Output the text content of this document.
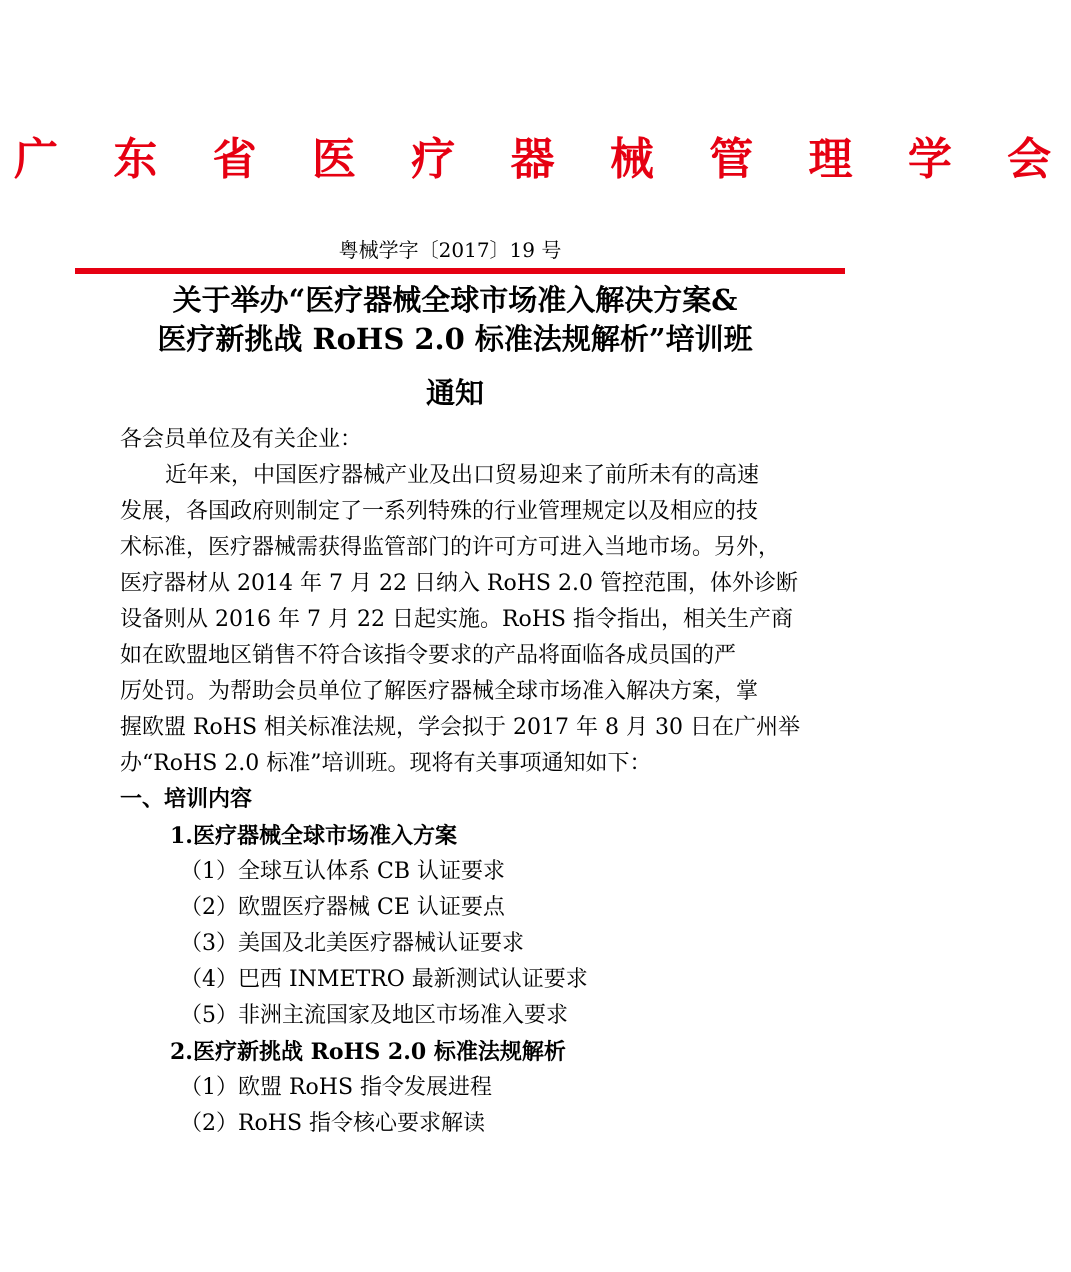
广 东 省 医 疗 器 械 管 理 学 会
粤械学字〔2017〕19 号
关于举办“医疗器械全球市场准入解决方案&
医疗新挑战 RoHS 2.0 标准法规解析”培训班
通知
各会员单位及有关企业：
近年来，中国医疗器械产业及出口贸易迎来了前所未有的高速
发展，各国政府则制定了一系列特殊的行业管理规定以及相应的技
术标准，医疗器械需获得监管部门的许可方可进入当地市场。另外，
医疗器材从 2014 年 7 月 22 日纳入 RoHS 2.0 管控范围，体外诊断
设备则从 2016 年 7 月 22 日起实施。RoHS 指令指出，相关生产商
如在欧盟地区销售不符合该指令要求的产品将面临各成员国的严
厉处罚。为帮助会员单位了解医疗器械全球市场准入解决方案，掌
握欧盟 RoHS 相关标准法规，学会拟于 2017 年 8 月 30 日在广州举
办“RoHS 2.0 标准”培训班。现将有关事项通知如下：
一、培训内容
1.医疗器械全球市场准入方案
（1）全球互认体系 CB 认证要求
（2）欧盟医疗器械 CE 认证要点
（3）美国及北美医疗器械认证要求
（4）巴西 INMETRO 最新测试认证要求
（5）非洲主流国家及地区市场准入要求
2.医疗新挑战 RoHS 2.0 标准法规解析
（1）欧盟 RoHS 指令发展进程
（2）RoHS 指令核心要求解读
